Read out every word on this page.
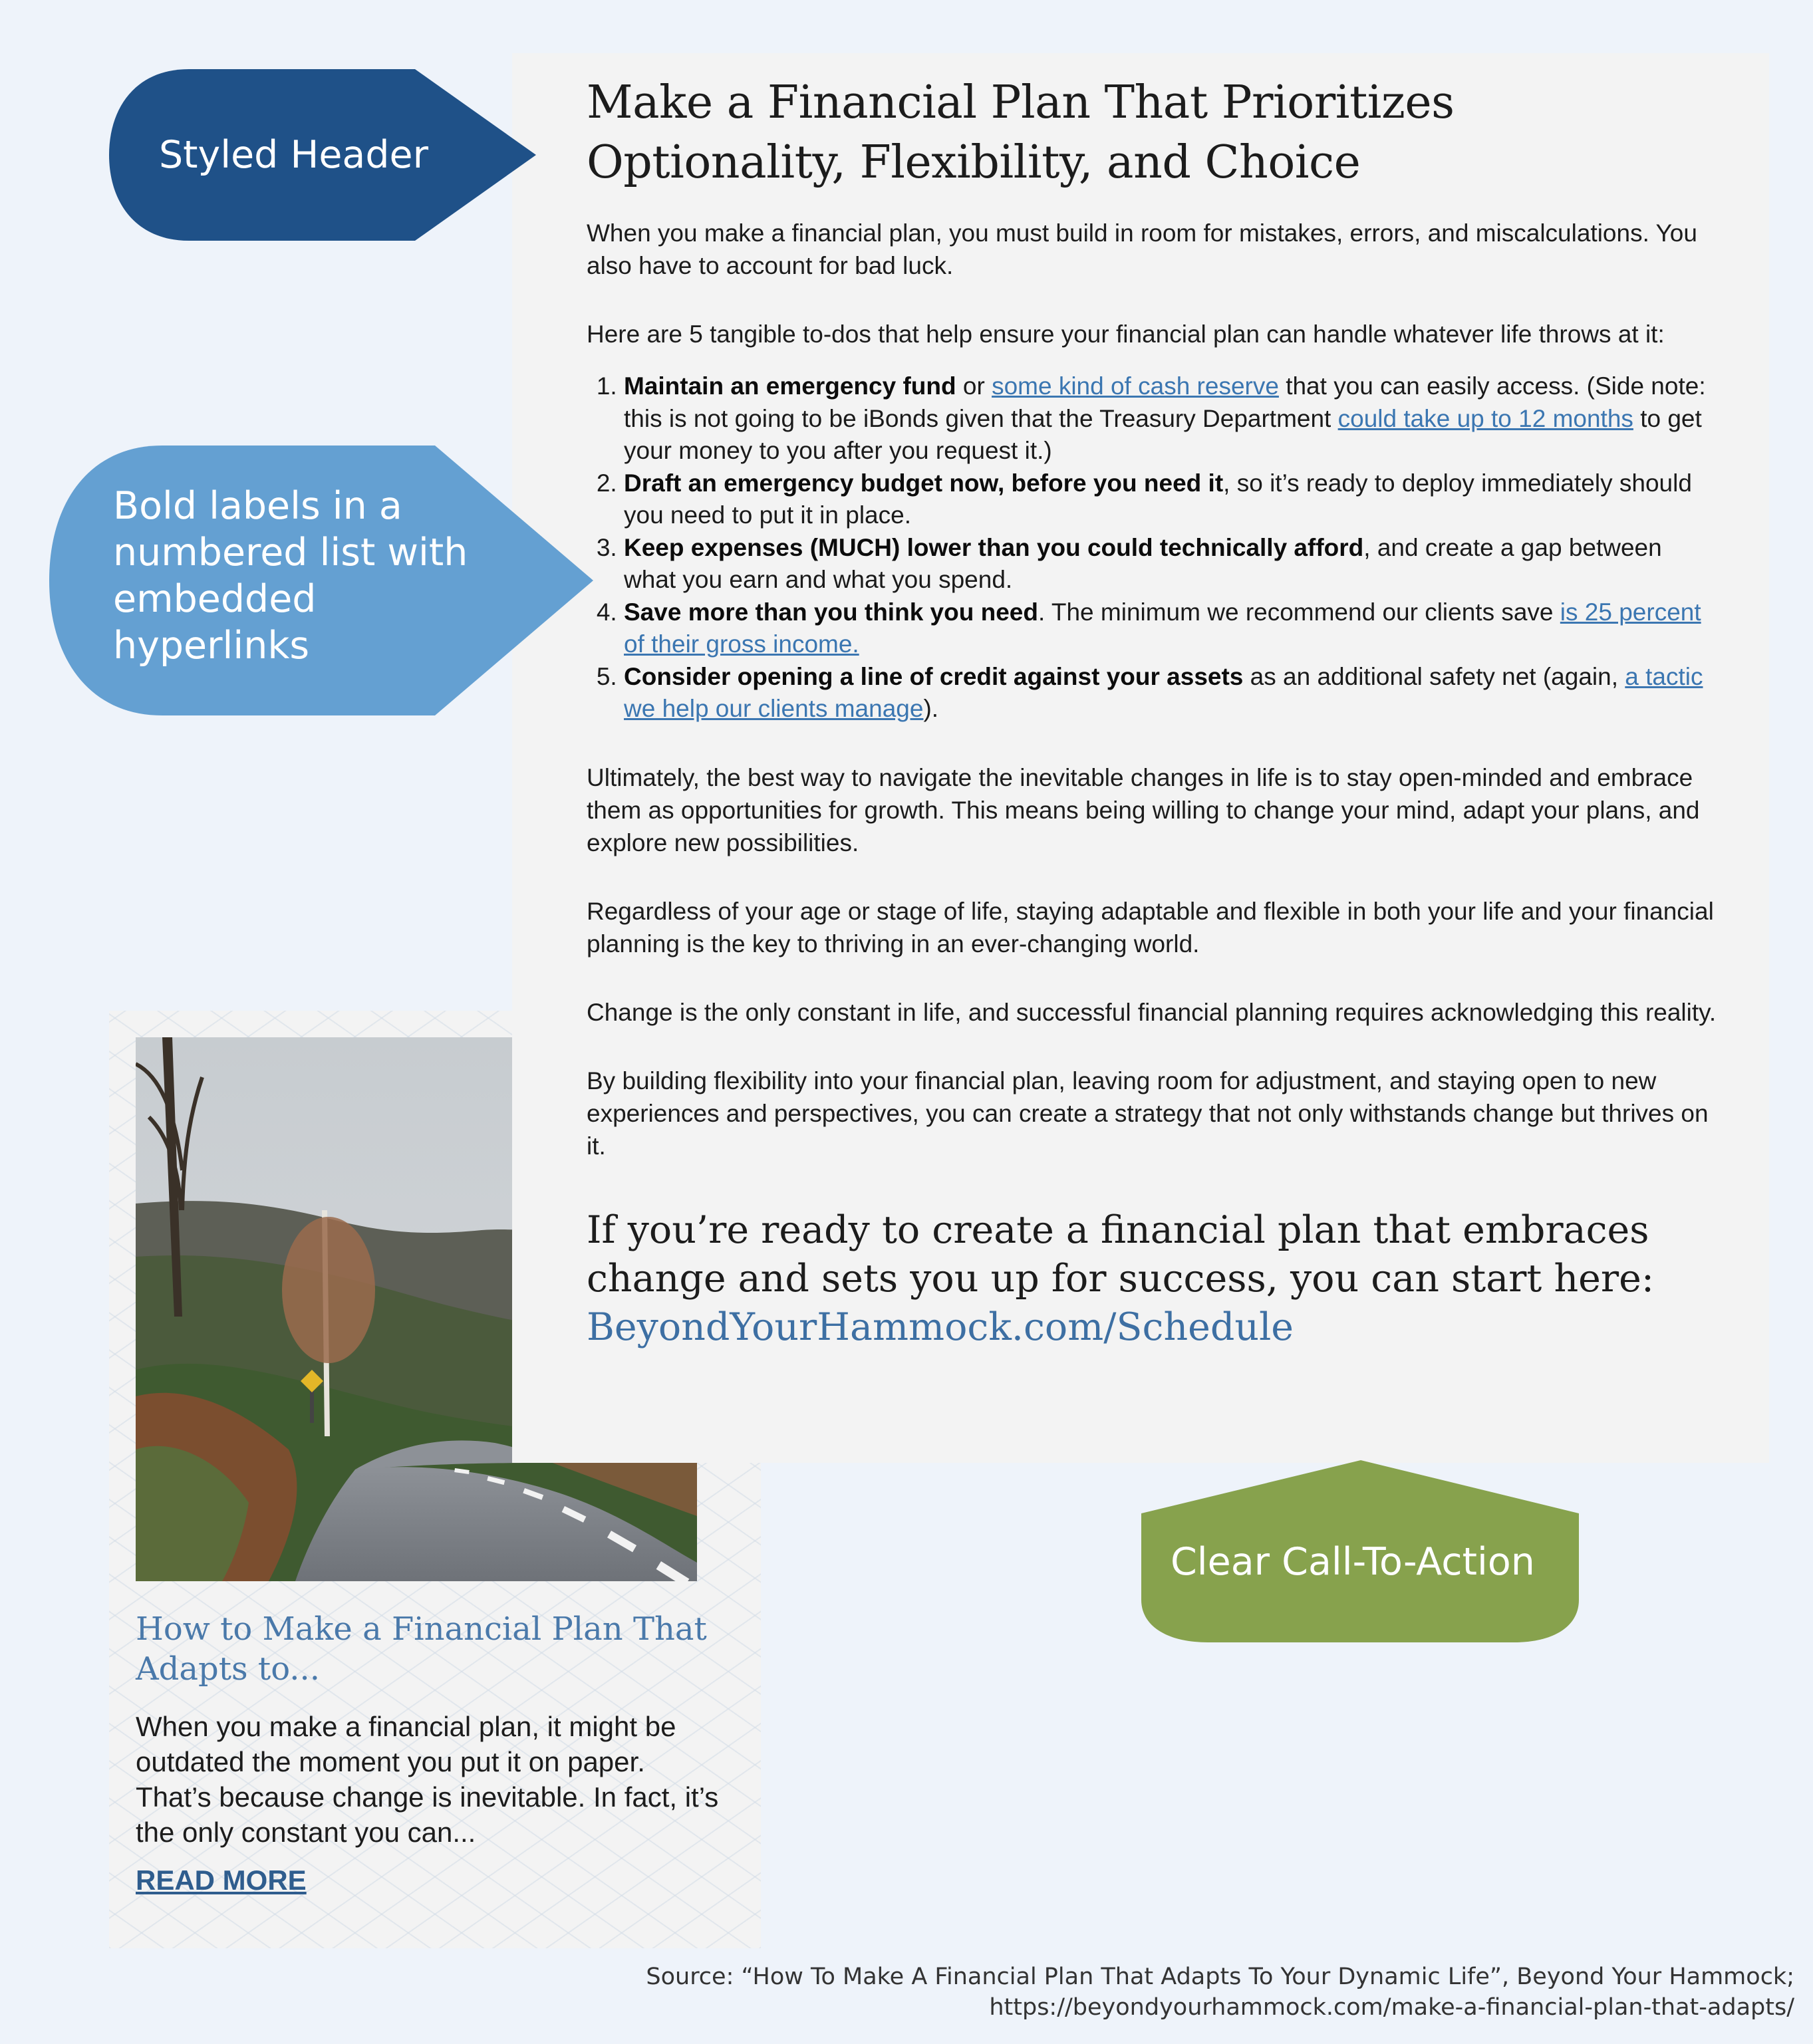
How to Make a Financial Plan That Adapts to...

When you make a financial plan, it might be outdated the moment you put it on paper. That’s because change is inevitable. In fact, it’s the only constant you can...

READ MORE
Make a Financial Plan That Prioritizes Optionality, Flexibility, and Choice

When you make a financial plan, you must build in room for mistakes, errors, and miscalculations. You also have to account for bad luck.

Here are 5 tangible to-dos that help ensure your financial plan can handle whatever life throws at it:

1. Maintain an emergency fund or some kind of cash reserve that you can easily access. (Side note: this is not going to be iBonds given that the Treasury Department could take up to 12 months to get your money to you after you request it.)
2. Draft an emergency budget now, before you need it, so it’s ready to deploy immediately should you need to put it in place.
3. Keep expenses (MUCH) lower than you could technically afford, and create a gap between what you earn and what you spend.
4. Save more than you think you need. The minimum we recommend our clients save is 25 percent of their gross income.
5. Consider opening a line of credit against your assets as an additional safety net (again, a tactic we help our clients manage).

Ultimately, the best way to navigate the inevitable changes in life is to stay open-minded and embrace them as opportunities for growth. This means being willing to change your mind, adapt your plans, and explore new possibilities.

Regardless of your age or stage of life, staying adaptable and flexible in both your life and your financial planning is the key to thriving in an ever-changing world.

Change is the only constant in life, and successful financial planning requires acknowledging this reality.

By building flexibility into your financial plan, leaving room for adjustment, and staying open to new experiences and perspectives, you can create a strategy that not only withstands change but thrives on it.

If you’re ready to create a financial plan that embraces change and sets you up for success, you can start here:
BeyondYourHammock.com/Schedule

Styled Header
Bold labels in a numbered list with embedded hyperlinks
Clear Call-To-Action
Source: “How To Make A Financial Plan That Adapts To Your Dynamic Life”, Beyond Your Hammock;
https://beyondyourhammock.com/make-a-financial-plan-that-adapts/
